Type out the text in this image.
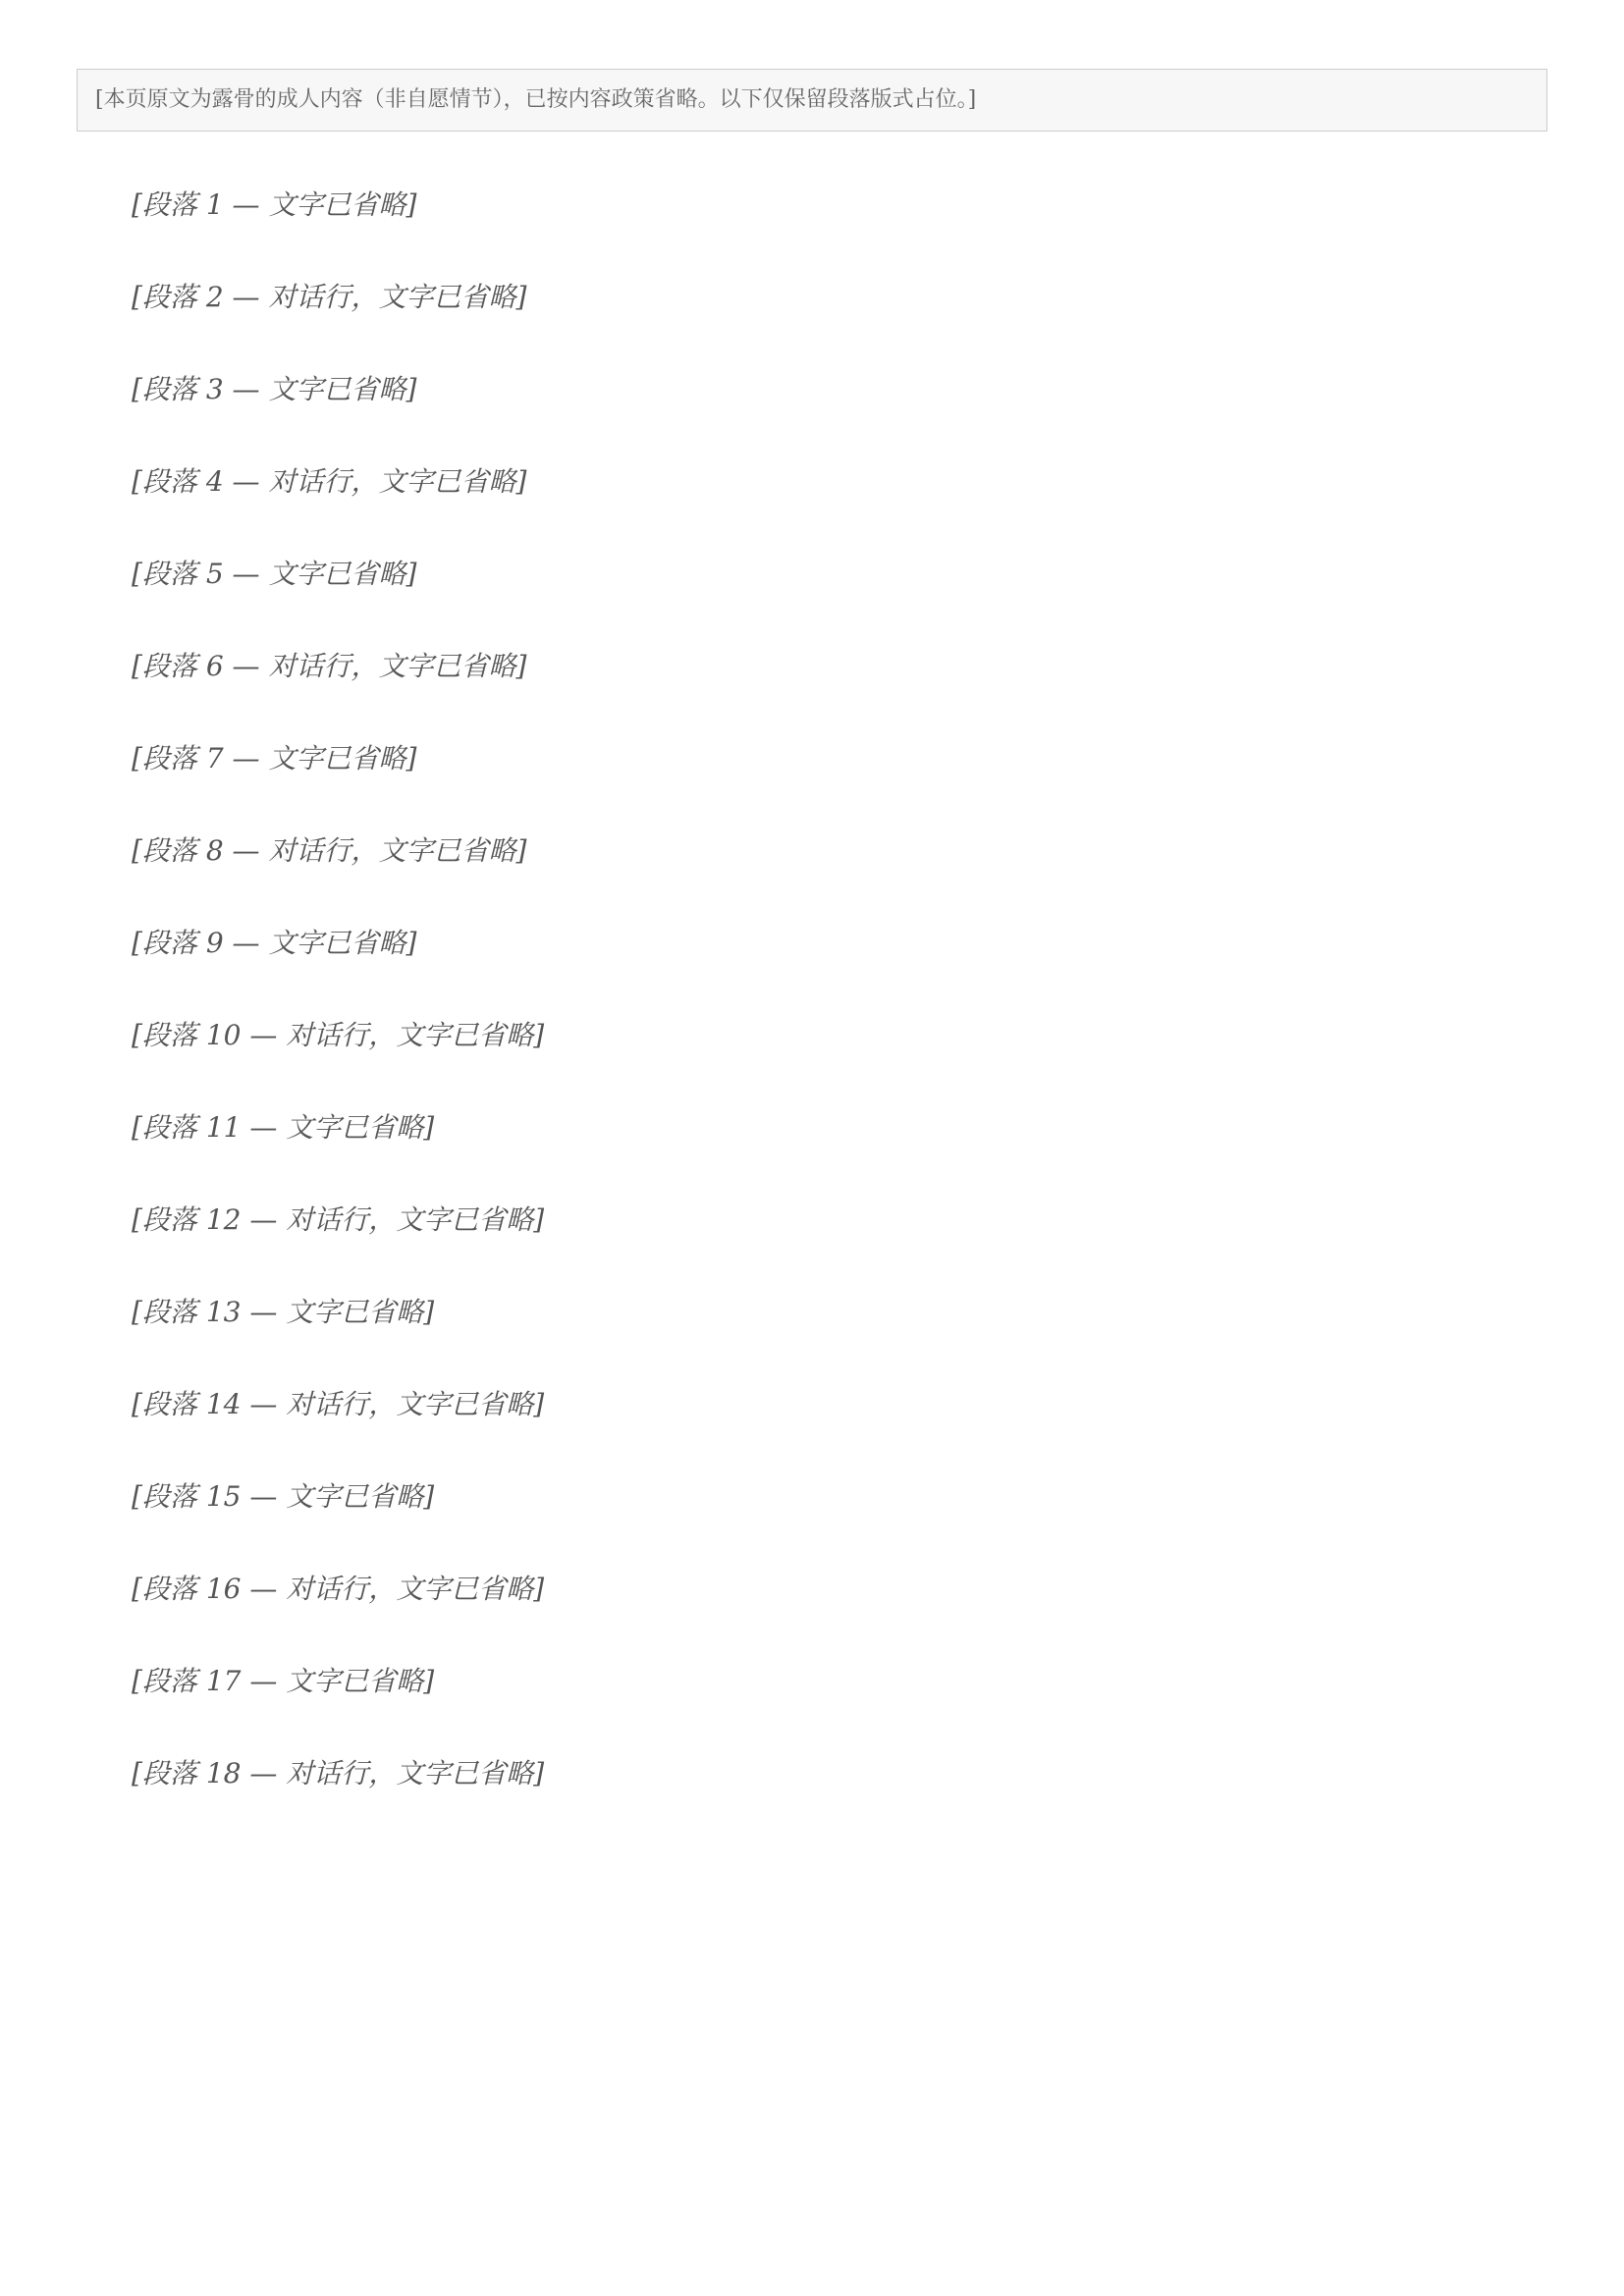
[本页原文为露骨的成人内容（非自愿情节），已按内容政策省略。以下仅保留段落版式占位。]

[段落 1 — 文字已省略]

[段落 2 — 对话行，文字已省略]

[段落 3 — 文字已省略]

[段落 4 — 对话行，文字已省略]

[段落 5 — 文字已省略]

[段落 6 — 对话行，文字已省略]

[段落 7 — 文字已省略]

[段落 8 — 对话行，文字已省略]

[段落 9 — 文字已省略]

[段落 10 — 对话行，文字已省略]

[段落 11 — 文字已省略]

[段落 12 — 对话行，文字已省略]

[段落 13 — 文字已省略]

[段落 14 — 对话行，文字已省略]

[段落 15 — 文字已省略]

[段落 16 — 对话行，文字已省略]

[段落 17 — 文字已省略]

[段落 18 — 对话行，文字已省略]
